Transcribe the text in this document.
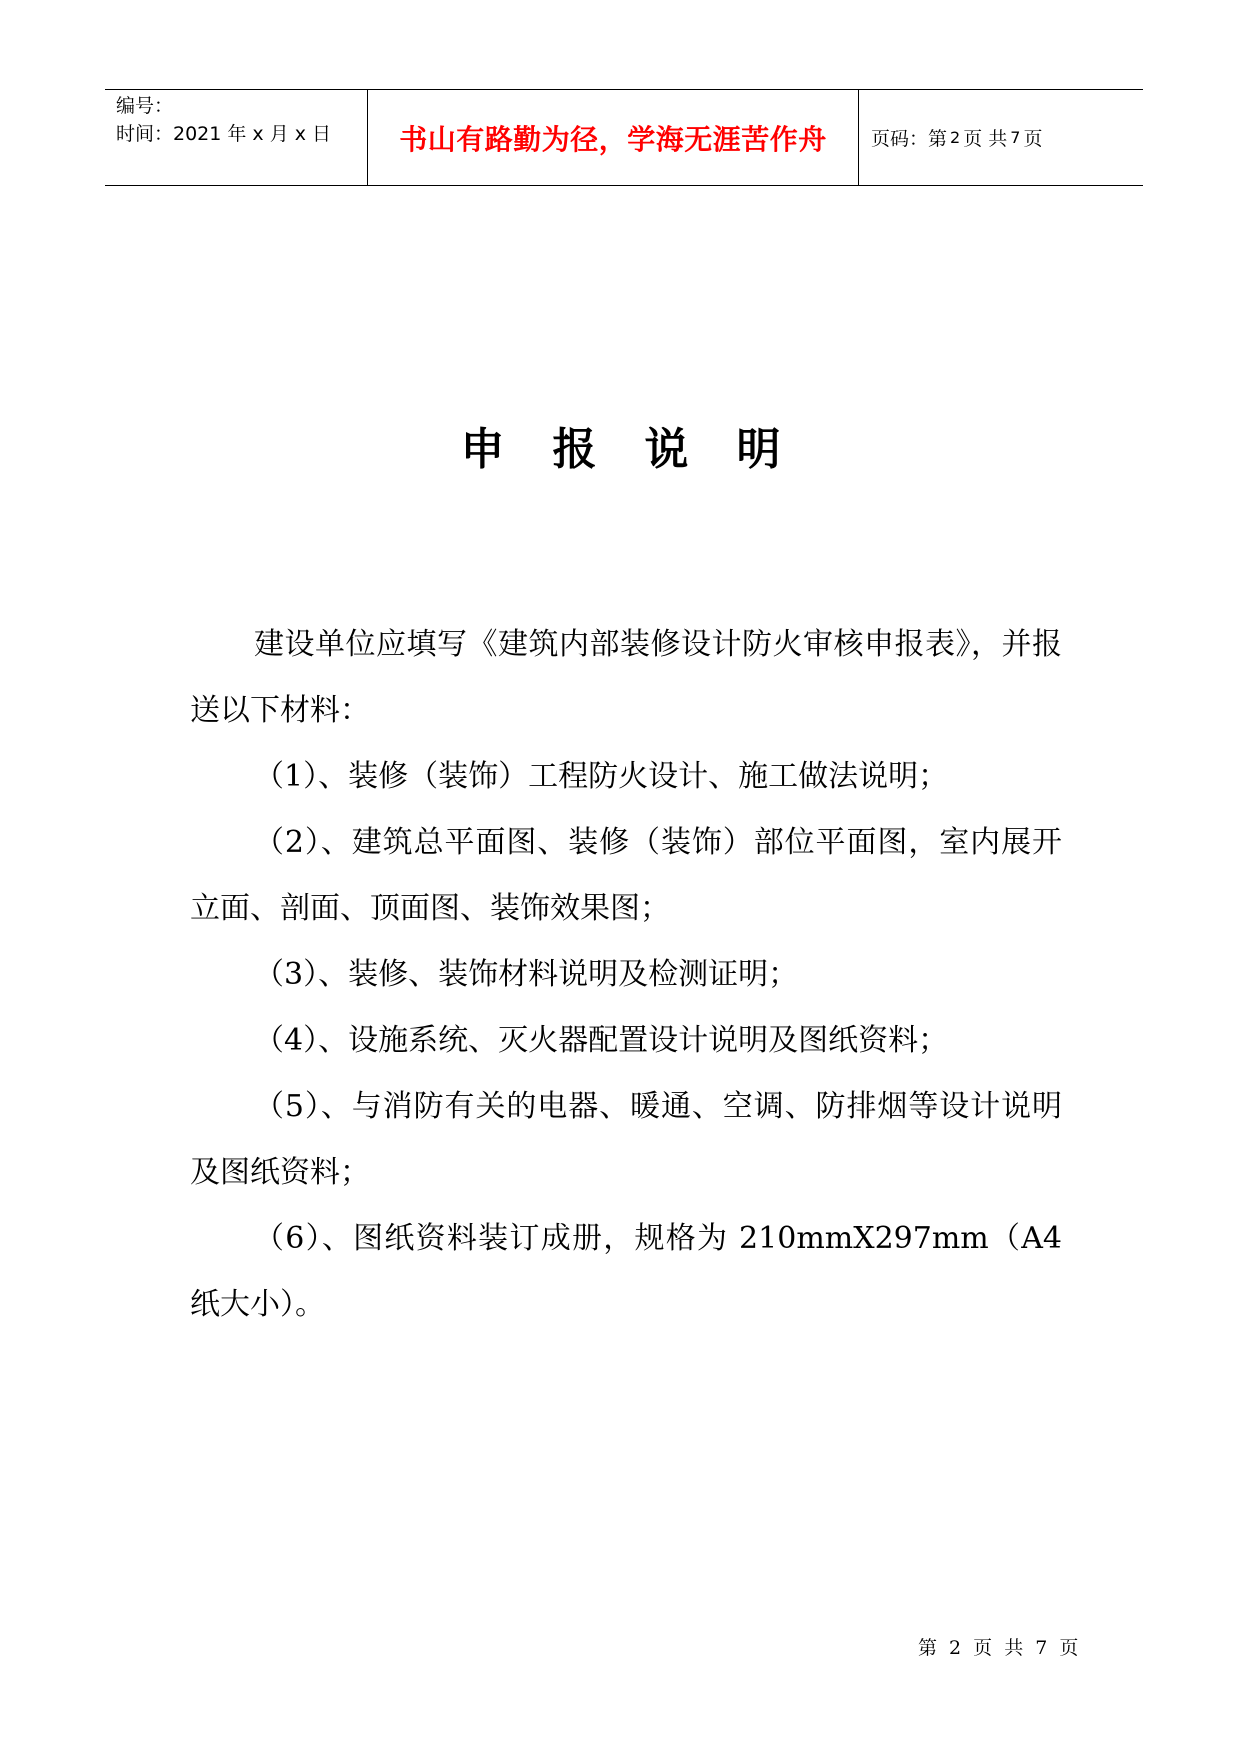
编号：
时间：2021 年 x 月 x 日	书山有路勤为径，学海无涯苦作舟	页码：第 2 页 共 7 页
申报说明

建设单位应填写《建筑内部装修设计防火审核申报表》，并报送以下材料：

（1）、装修（装饰）工程防火设计、施工做法说明；

（2）、建筑总平面图、装修（装饰）部位平面图，室内展开立面、剖面、顶面图、装饰效果图；

（3）、装修、装饰材料说明及检测证明；

（4）、设施系统、灭火器配置设计说明及图纸资料；

（5）、与消防有关的电器、暖通、空调、防排烟等设计说明及图纸资料；

（6）、图纸资料装订成册，规格为 210mmX297mm（A4 纸大小）。

第 2 页 共 7 页
